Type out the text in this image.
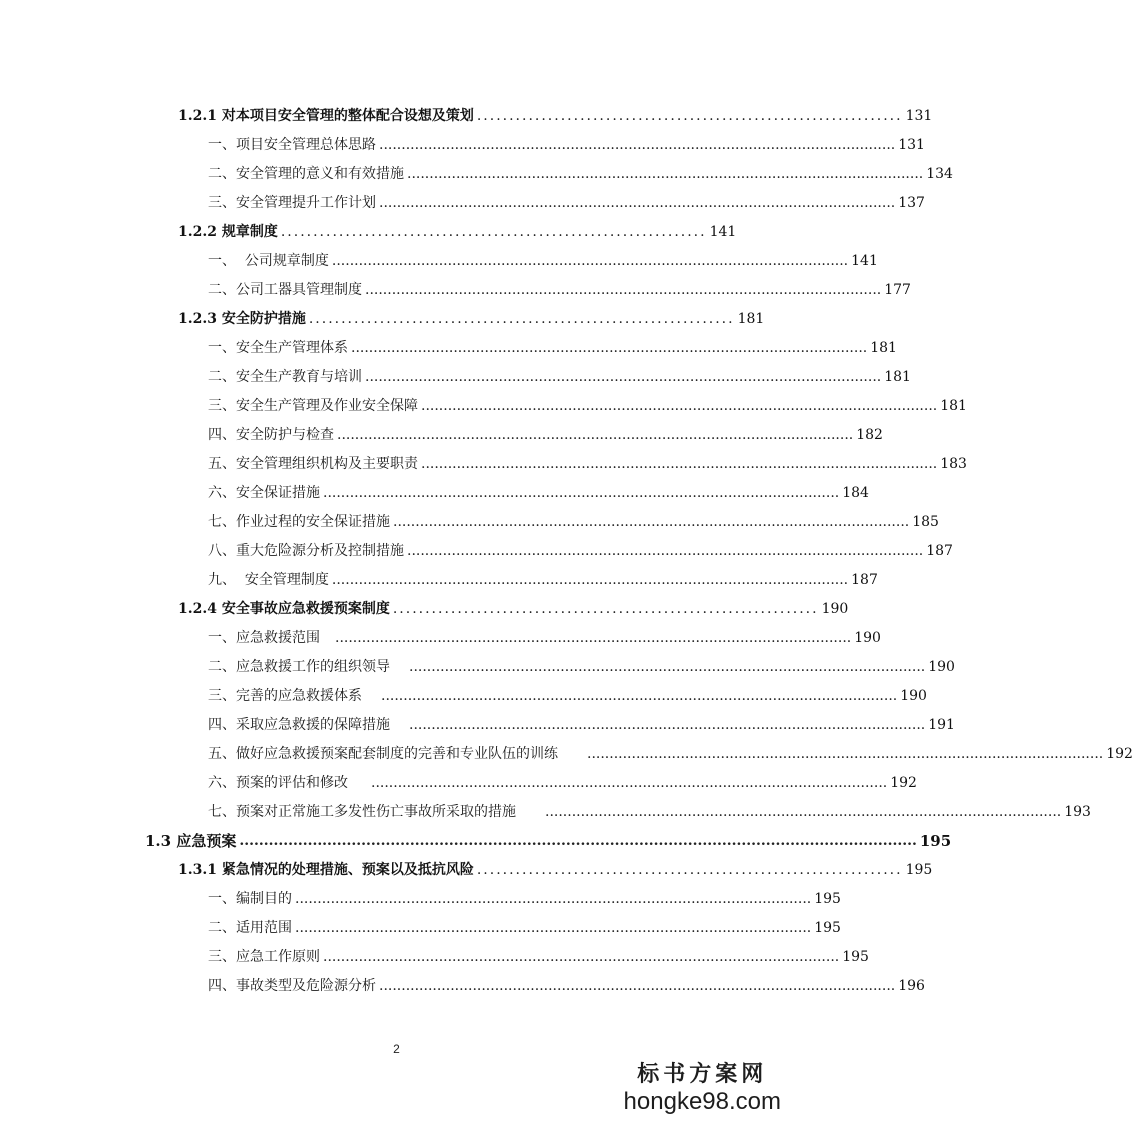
1.2.1 对本项目安全管理的整体配合设想及策划 .................................................................. 131
一、项目安全管理总体思路 .................................................................................................................... 131
二、安全管理的意义和有效措施 .................................................................................................................... 134
三、安全管理提升工作计划 .................................................................................................................... 137
1.2.2 规章制度 .................................................................. 141
一、  公司规章制度 .................................................................................................................... 141
二、公司工器具管理制度 .................................................................................................................... 177
1.2.3 安全防护措施 .................................................................. 181
一、安全生产管理体系 .................................................................................................................... 181
二、安全生产教育与培训 .................................................................................................................... 181
三、安全生产管理及作业安全保障 .................................................................................................................... 181
四、安全防护与检查 .................................................................................................................... 182
五、安全管理组织机构及主要职责 .................................................................................................................... 183
六、安全保证措施 .................................................................................................................... 184
七、作业过程的安全保证措施 .................................................................................................................... 185
八、重大危险源分析及控制措施 .................................................................................................................... 187
九、  安全管理制度 .................................................................................................................... 187
1.2.4 安全事故应急救援预案制度 .................................................................. 190
一、应急救援范围 .................................................................................................................... 190
二、应急救援工作的组织领导 .................................................................................................................... 190
三、完善的应急救援体系 .................................................................................................................... 190
四、采取应急救援的保障措施 .................................................................................................................... 191
五、做好应急救援预案配套制度的完善和专业队伍的训练 .................................................................................................................... 192
六、预案的评估和修改 .................................................................................................................... 192
七、预案对正常施工多发性伤亡事故所采取的措施 .................................................................................................................... 193
1.3 应急预案 ........................................................................................................................................... 195
1.3.1 紧急情况的处理措施、预案以及抵抗风险 .................................................................. 195
一、编制目的 .................................................................................................................... 195
二、适用范围 .................................................................................................................... 195
三、应急工作原则 .................................................................................................................... 195
四、事故类型及危险源分析 .................................................................................................................... 196
2
标书方案网
hongke98.com
